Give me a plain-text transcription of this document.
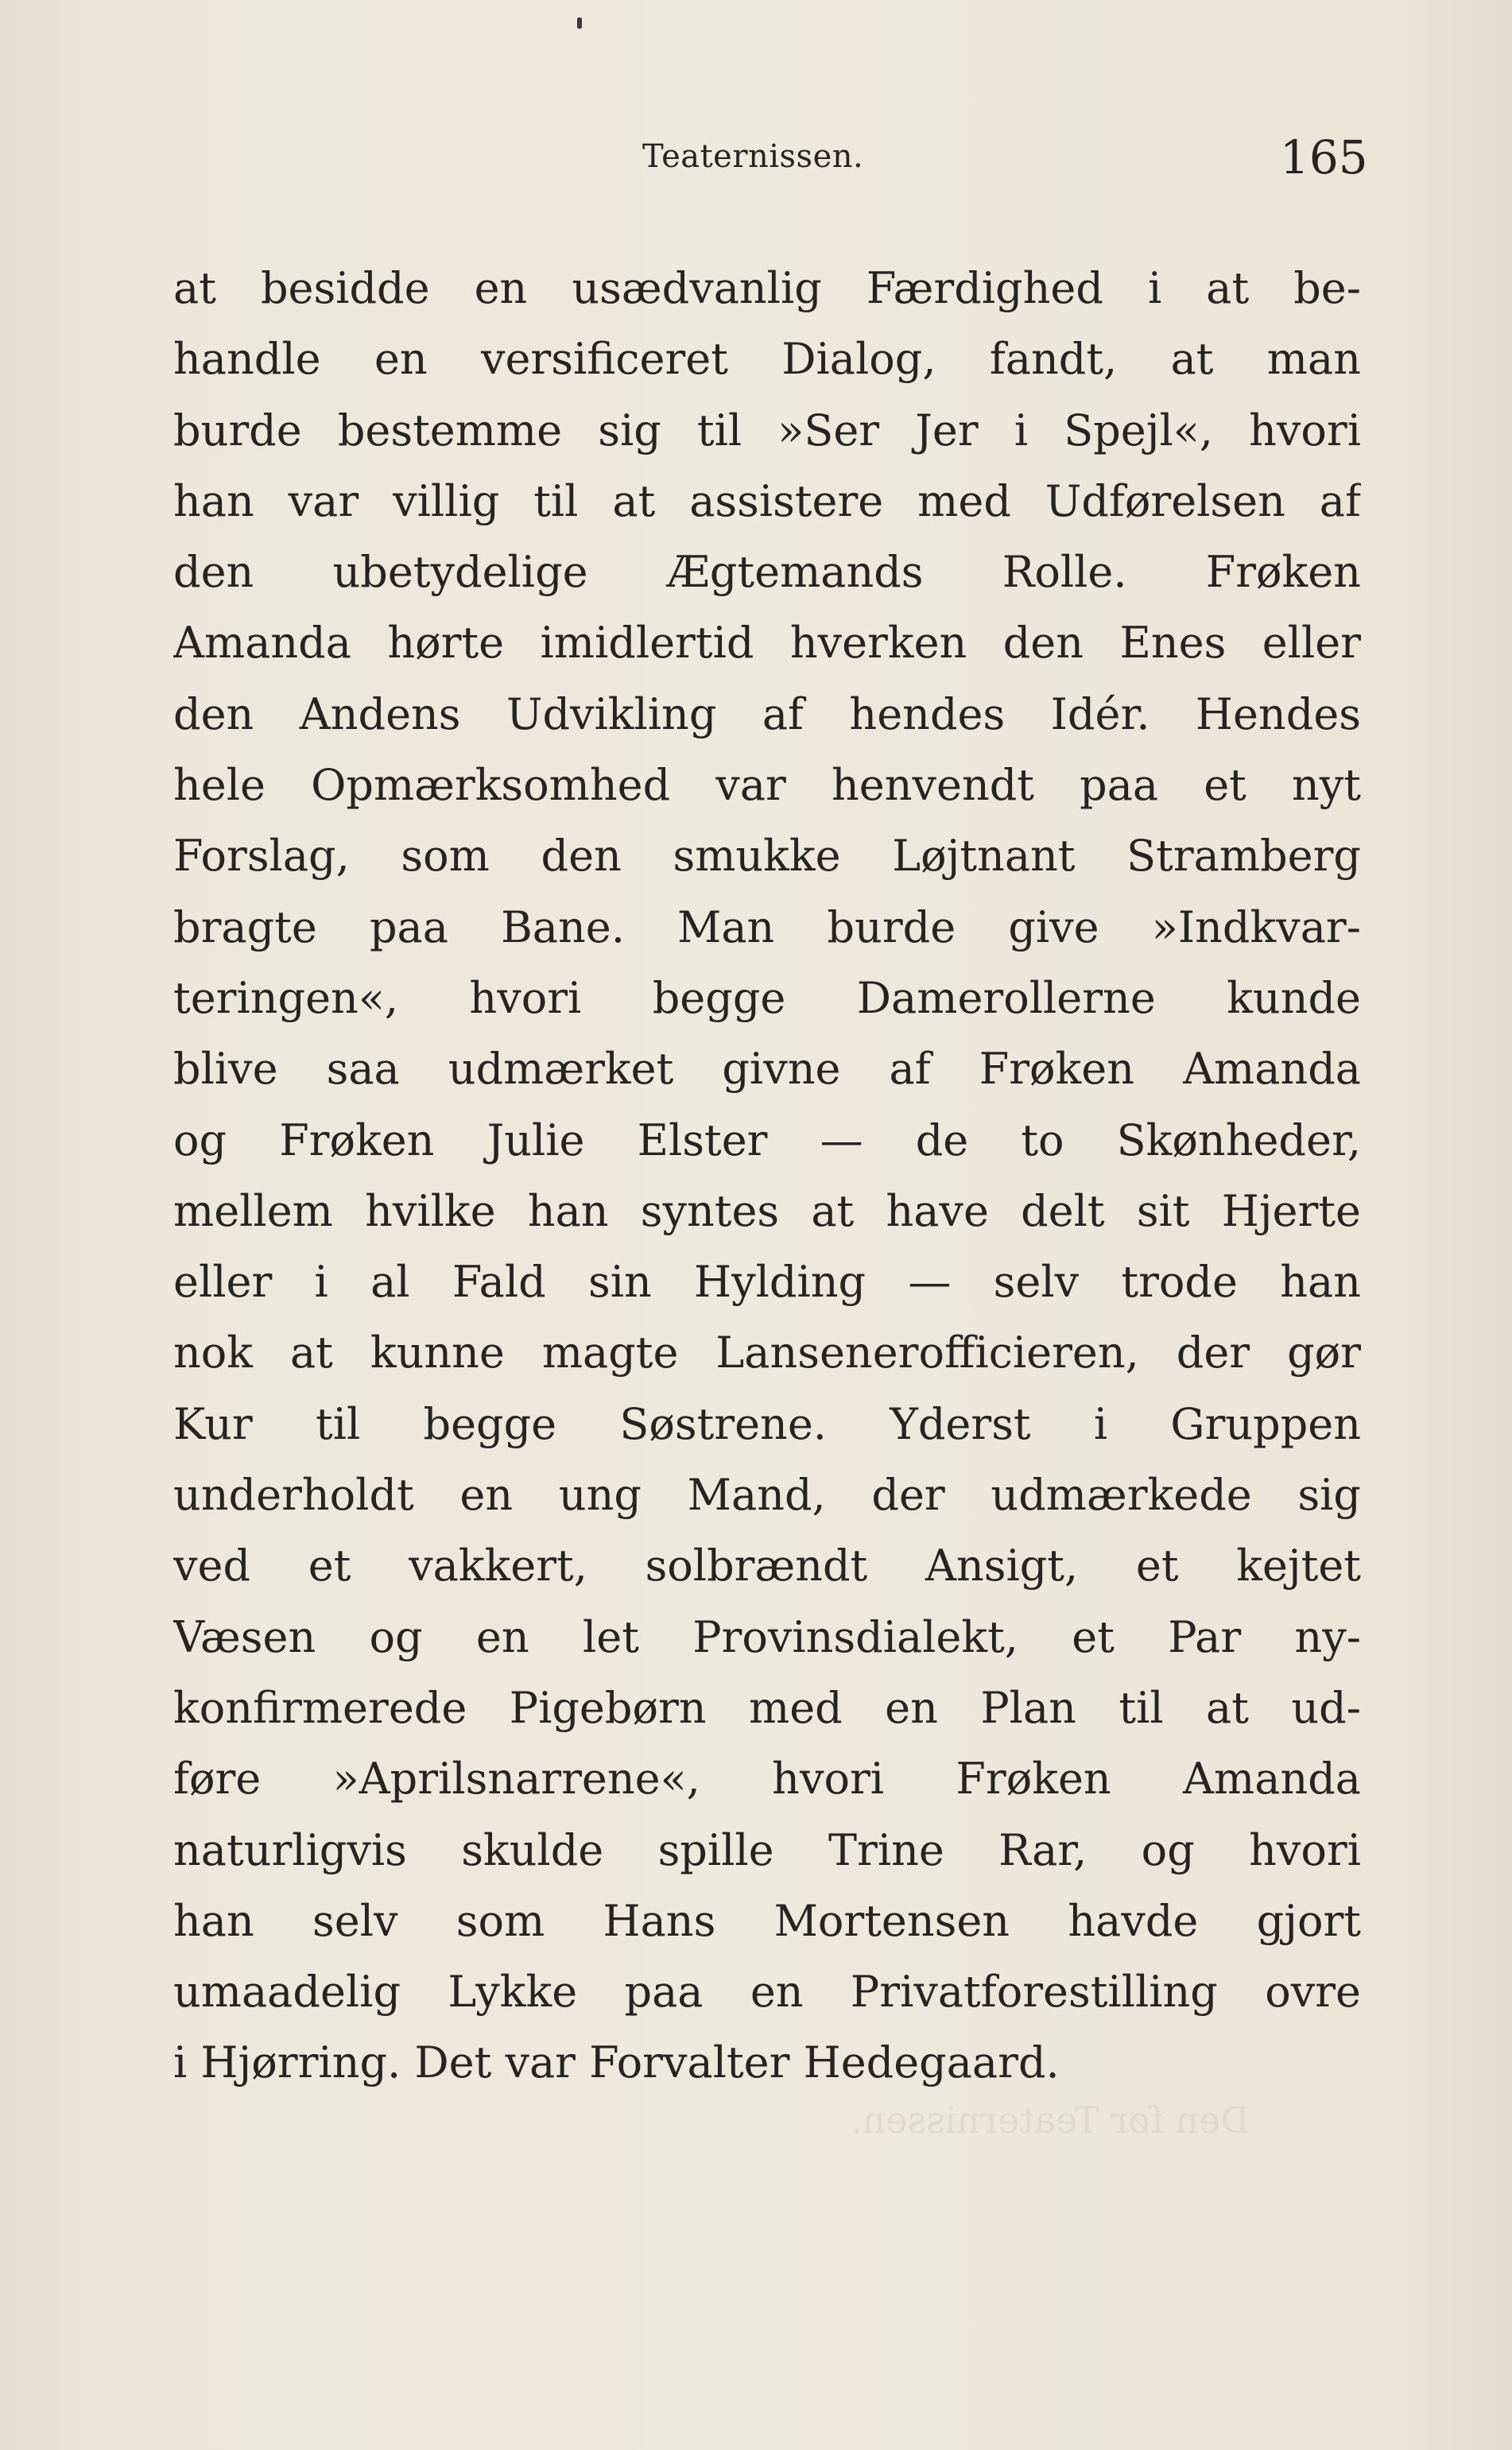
Teaternissen.	165
at besidde en usædvanlig Færdighed i at be-
handle en versificeret Dialog, fandt, at man
burde bestemme sig til »Ser Jer i Spejl«, hvori
han var villig til at assistere med Udførelsen af
den ubetydelige Ægtemands Rolle. Frøken
Amanda hørte imidlertid hverken den Enes eller
den Andens Udvikling af hendes Idér. Hendes
hele Opmærksomhed var henvendt paa et nyt
Forslag, som den smukke Løjtnant Stramberg
bragte paa Bane. Man burde give »Indkvar-
teringen«, hvori begge Damerollerne kunde
blive saa udmærket givne af Frøken Amanda
og Frøken Julie Elster — de to Skønheder,
mellem hvilke han syntes at have delt sit Hjerte
eller i al Fald sin Hylding — selv trode han
nok at kunne magte Lansenerofficieren, der gør
Kur til begge Søstrene. Yderst i Gruppen
underholdt en ung Mand, der udmærkede sig
ved et vakkert, solbrændt Ansigt, et kejtet
Væsen og en let Provinsdialekt, et Par ny-
konfirmerede Pigebørn med en Plan til at ud-
føre »Aprilsnarrene«, hvori Frøken Amanda
naturligvis skulde spille Trine Rar, og hvori
han selv som Hans Mortensen havde gjort
umaadelig Lykke paa en Privatforestilling ovre
i Hjørring. Det var Forvalter Hedegaard.
Den før Teaternissen.
